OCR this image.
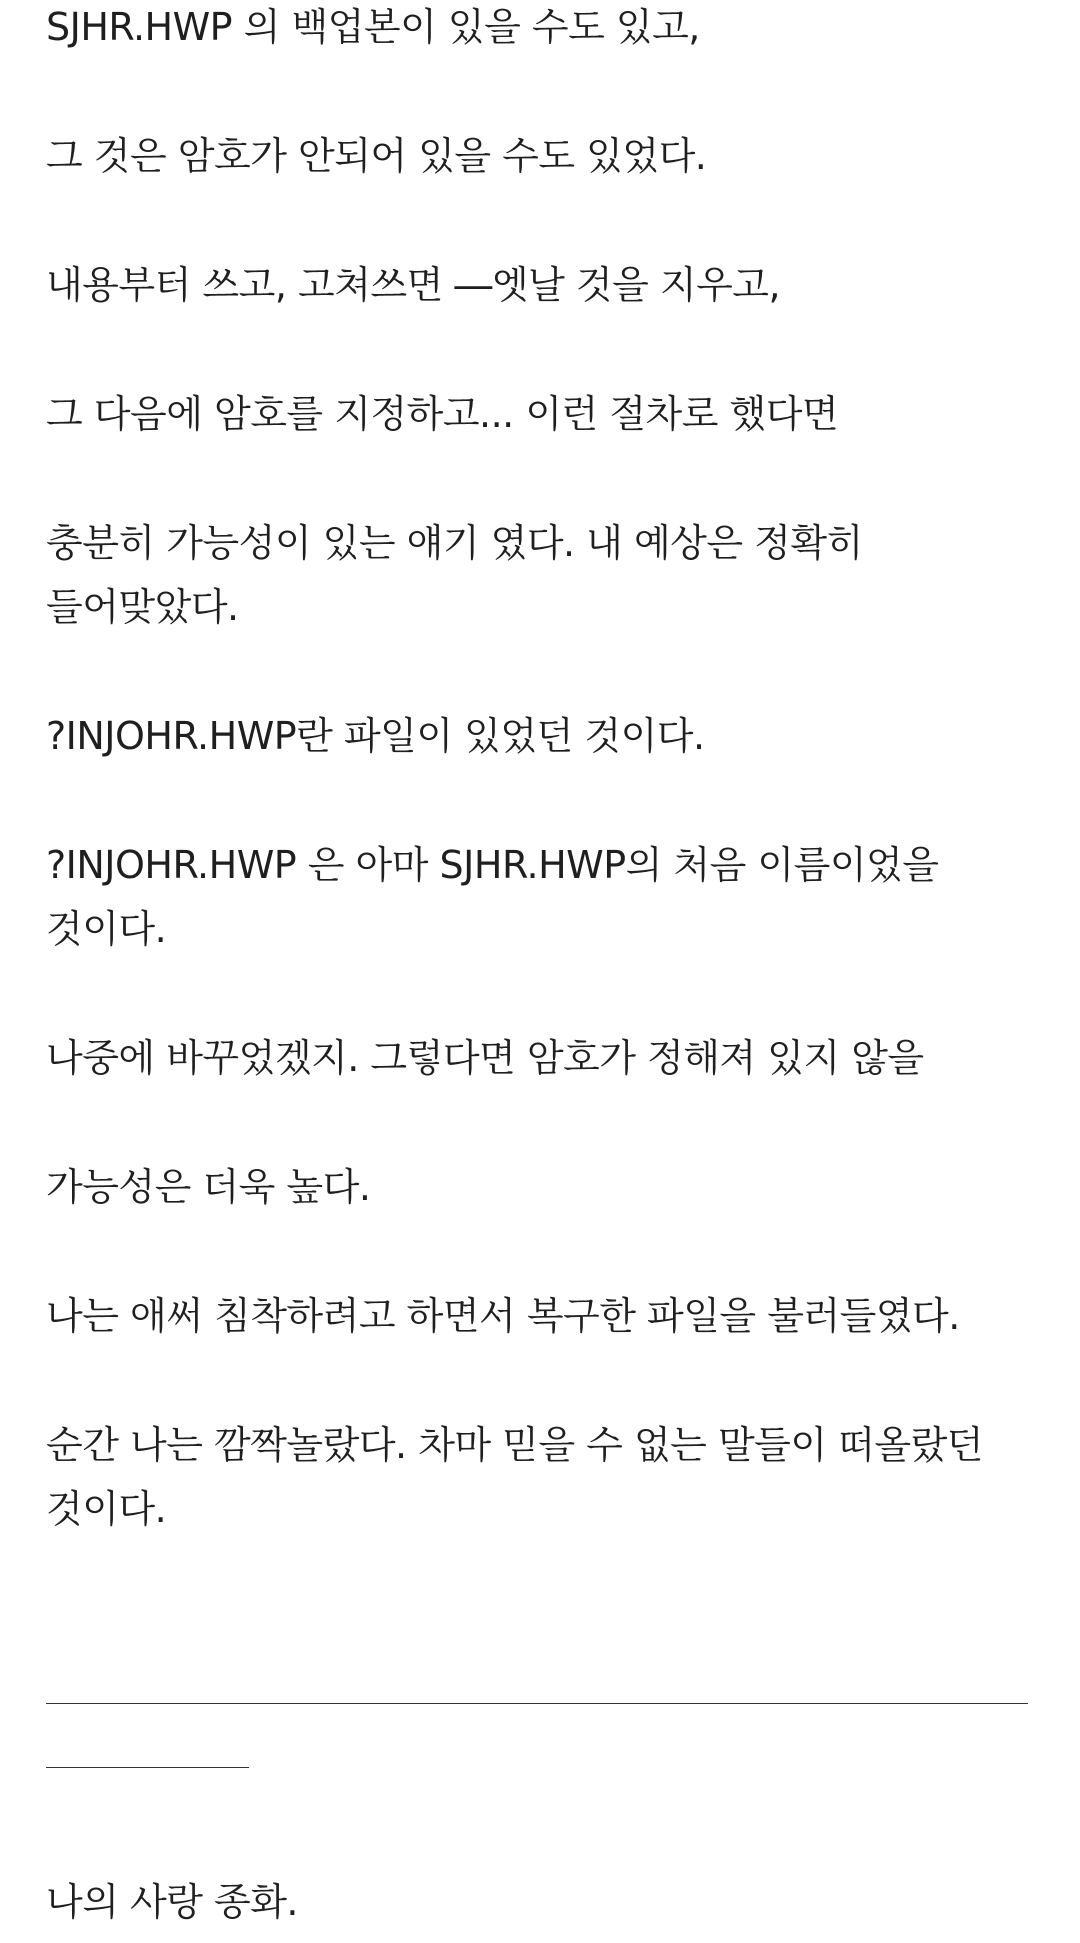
SJHR.HWP 의 백업본이 있을 수도 있고,

그 것은 암호가 안되어 있을 수도 있었다.

내용부터 쓰고, 고쳐쓰면 ―엣날 것을 지우고,

그 다음에 암호를 지정하고... 이런 절차로 했다면

충분히 가능성이 있는 얘기 였다. 내 예상은 정확히 들어맞았다.

?INJOHR.HWP란 파일이 있었던 것이다.

?INJOHR.HWP 은 아마 SJHR.HWP의 처음 이름이었을 것이다.

나중에 바꾸었겠지. 그렇다면 암호가 정해져 있지 않을

가능성은 더욱 높다.

나는 애써 침착하려고 하면서 복구한 파일을 불러들였다.

순간 나는 깜짝놀랐다. 차마 믿을 수 없는 말들이 떠올랐던 것이다.

나의 사랑 종화.
